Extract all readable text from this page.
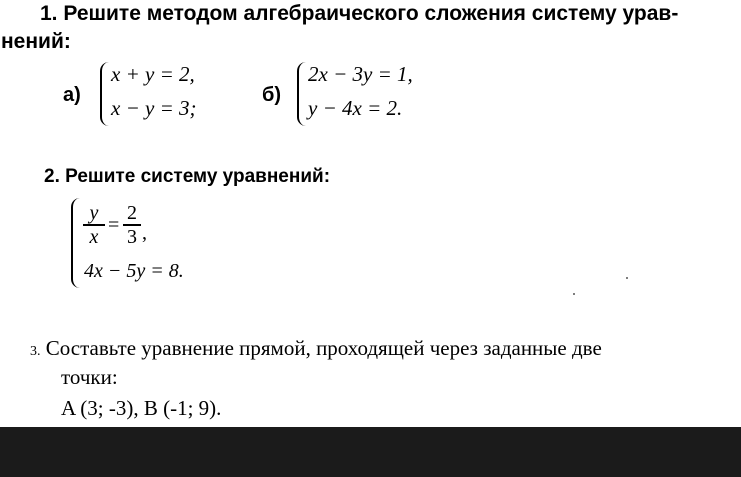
1. Решите методом алгебраического сложения систему урав-
нений:
а)
x + y = 2,
x − y = 3;
б)
2x − 3y = 1,
y − 4x = 2.
2. Решите систему уравнений:
$\frac{y}{x} = \frac{2}{3}$ ,
4x − 5y = 8.
3. Составьте уравнение прямой, проходящей через заданные две
точки:
A (3; -3), B (-1; 9).
